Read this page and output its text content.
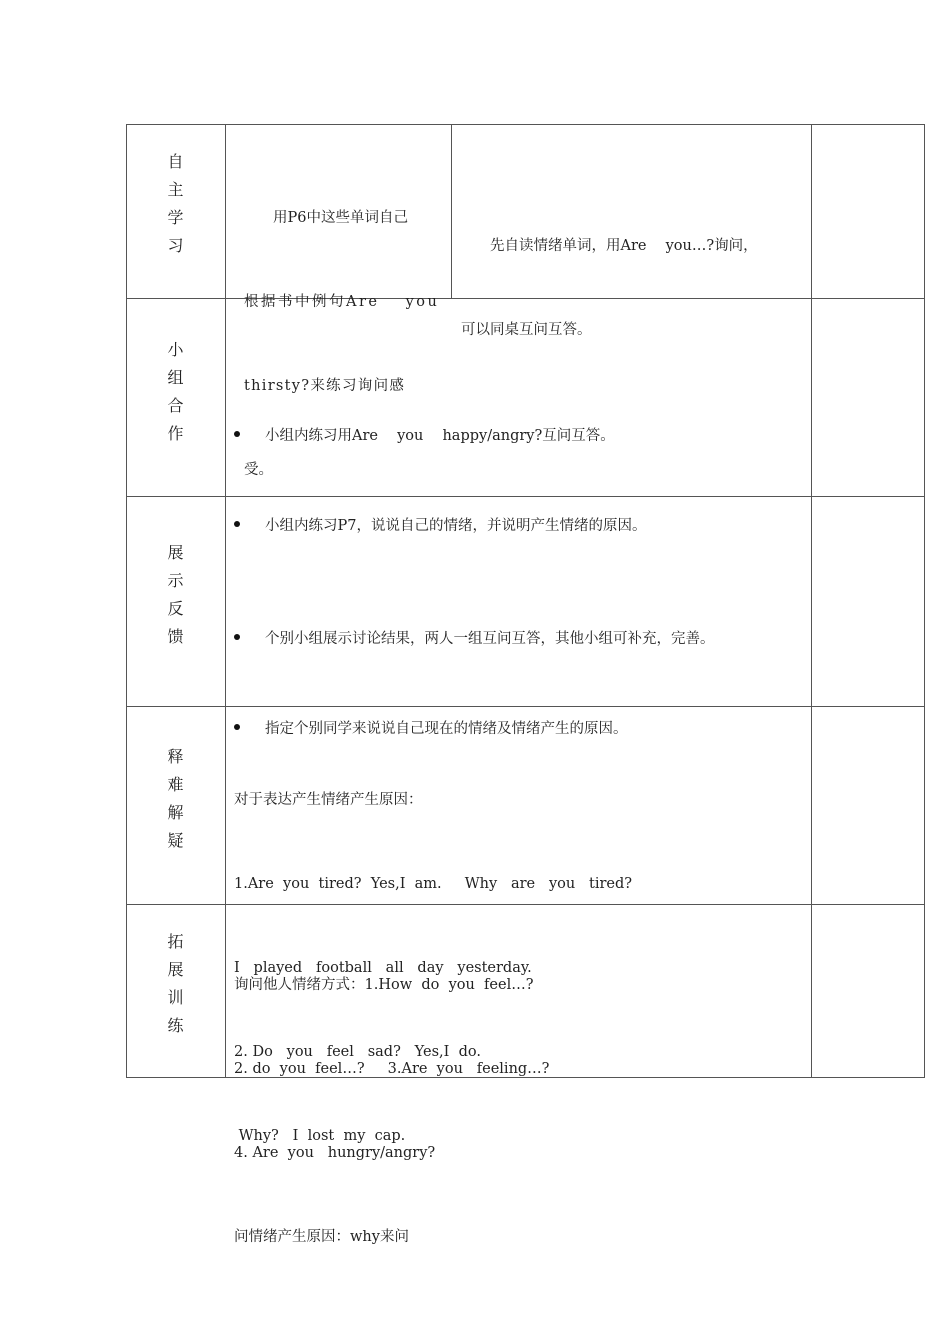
自
主
学
习

　　用P6中这些单词自己

根据书中例句Are　 you

thirsty?来练习询问感

受。

　　先自读情绪单词，用Are　 you…?询问，

可以同桌互问互答。

小
组
合
作

	小组内练习用Are　 you　 happy/angry?互问互答。

小组内练习P7，说说自己的情绪，并说明产生情绪的原因。

展
示
反
馈

	个别小组展示讨论结果，两人一组互问互答，其他小组可补充，完善。

指定个别同学来说说自己现在的情绪及情绪产生的原因。

释
难
解
疑

对于表达产生情绪产生原因：

1.Are  you  tired?  Yes,I  am.     Why   are   you   tired?

I   played   football   all   day   yesterday.

2. Do   you   feel   sad?   Yes,I  do.

Why?   I  lost  my  cap.

拓
展
训
练

询问他人情绪方式：1.How  do  you  feel…?

2. do  you  feel…?     3.Are  you   feeling…?

4. Are  you   hungry/angry?

问情绪产生原因：why来问
